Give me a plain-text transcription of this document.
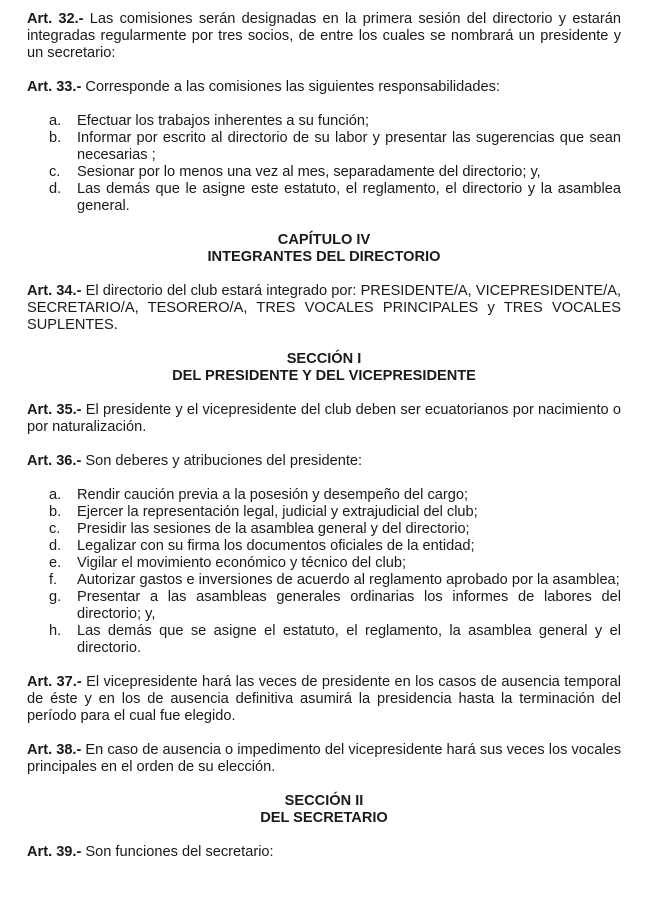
Art. 32.- Las comisiones serán designadas en la primera sesión del directorio y estarán integradas regularmente por tres socios, de entre los cuales se nombrará un presidente y un secretario:

Art. 33.- Corresponde a las comisiones las siguientes responsabilidades:

a.	Efectuar los trabajos inherentes a su función;
b.	Informar por escrito al directorio de su labor y presentar las sugerencias que sean necesarias ;
c.	Sesionar por lo menos una vez al mes, separadamente del directorio; y,
d.	Las demás que le asigne este estatuto, el reglamento, el directorio y la asamblea general.
CAPÍTULO IV
INTEGRANTES DEL DIRECTORIO

Art. 34.- El directorio del club estará integrado por: PRESIDENTE/A, VICEPRESIDENTE/A, SECRETARIO/A, TESORERO/A, TRES VOCALES PRINCIPALES y TRES VOCALES SUPLENTES.

SECCIÓN I
DEL PRESIDENTE Y DEL VICEPRESIDENTE

Art. 35.- El presidente y el vicepresidente del club deben ser ecuatorianos por nacimiento o por naturalización.

Art. 36.- Son deberes y atribuciones del presidente:

a.	Rendir caución previa a la posesión y desempeño del cargo;
b.	Ejercer la representación legal, judicial y extrajudicial del club;
c.	Presidir las sesiones de la asamblea general y del directorio;
d.	Legalizar con su firma los documentos oficiales de la entidad;
e.	Vigilar el movimiento económico y técnico del club;
f.	Autorizar gastos e inversiones de acuerdo al reglamento aprobado por la asamblea;
g.	Presentar a las asambleas generales ordinarias los informes de labores del directorio; y,
h.	Las demás que se asigne el estatuto, el reglamento, la asamblea general y el directorio.

Art. 37.- El vicepresidente hará las veces de presidente en los casos de ausencia temporal de éste y en los de ausencia definitiva asumirá la presidencia hasta la terminación del período para el cual fue elegido.

Art. 38.- En caso de ausencia o impedimento del vicepresidente hará sus veces los vocales principales en el orden de su elección.

SECCIÓN II
DEL SECRETARIO

Art. 39.- Son funciones del secretario:
